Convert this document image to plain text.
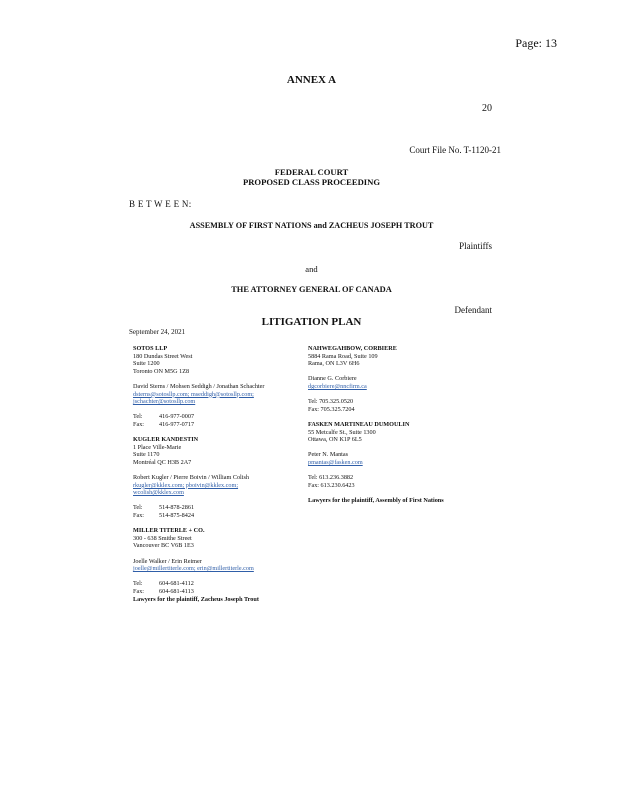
Page: 13
ANNEX A
20
Court File No. T-1120-21
FEDERAL COURT
PROPOSED CLASS PROCEEDING
B E T W E E N:
ASSEMBLY OF FIRST NATIONS and ZACHEUS JOSEPH TROUT
Plaintiffs
and
THE ATTORNEY GENERAL OF CANADA
Defendant
LITIGATION PLAN
September 24, 2021
SOTOS LLP
180 Dundas Street West
Suite 1200
Toronto ON M5G 1Z8
David Sterns / Mohsen Seddigh / Jonathan Schachter
dsterns@sotosllp.com; mseddigh@sotosllp.com;
jschachter@sotosllp.com
Tel:	416-977-0007
Fax:	416-977-0717
KUGLER KANDESTIN
1 Place Ville-Marie
Suite 1170
Montréal QC H3B 2A7
Robert Kugler / Pierre Boivin / William Colish
rkugler@kklex.com; pboivin@kklex.com;
wcolish@kklex.com
Tel:	514-878-2861
Fax:	514-875-8424
MILLER TITERLE + CO.
300 - 638 Smithe Street
Vancouver BC V6B 1E3
Joelle Walker / Erin Reimer
joelle@millertiterle.com; erin@millertiterle.com
Tel:	604-681-4112
Fax:	604-681-4113
Lawyers for the plaintiff, Zacheus Joseph Trout
NAHWEGAHBOW, CORBIERE
5884 Rama Road, Suite 109
Rama, ON L3V 6H6
Dianne G. Corbiere
dgcorbiere@nncfirm.ca
Tel: 705.325.0520
Fax: 705.325.7204
FASKEN MARTINEAU DUMOULIN
55 Metcalfe St., Suite 1300
Ottawa, ON K1P 6L5
Peter N. Mantas
pmantas@fasken.com
Tel: 613.236.3882
Fax: 613.230.6423
Lawyers for the plaintiff, Assembly of First Nations
